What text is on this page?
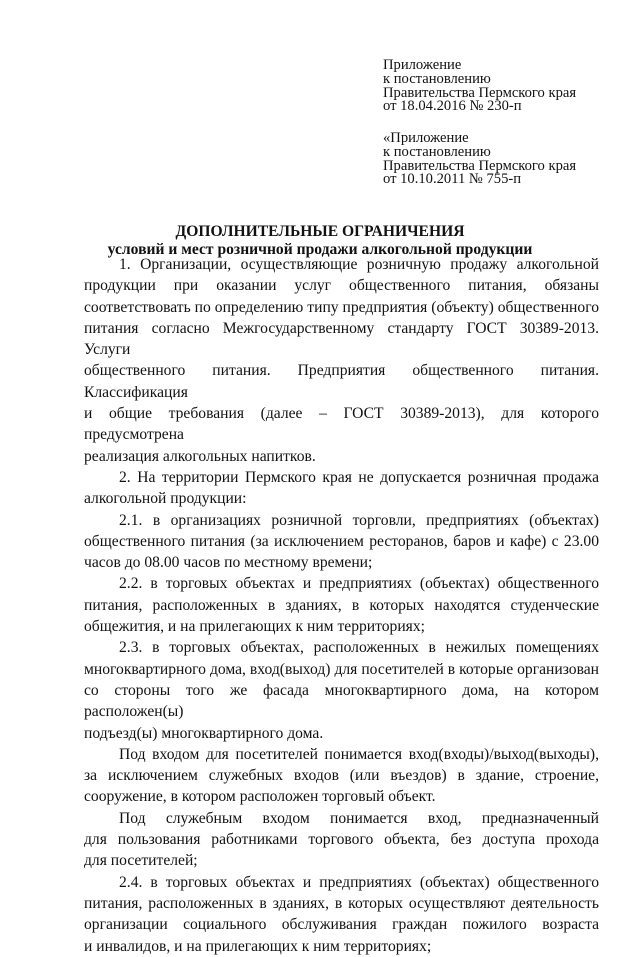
Приложение
к постановлению
Правительства Пермского края
от 18.04.2016 № 230-п
«Приложение
к постановлению
Правительства Пермского края
от 10.10.2011 № 755-п
ДОПОЛНИТЕЛЬНЫЕ ОГРАНИЧЕНИЯ
условий и мест розничной продажи алкогольной продукции

1. Организации, осуществляющие розничную продажу алкогольной
продукции при оказании услуг общественного питания, обязаны
соответствовать по определению типу предприятия (объекту) общественного
питания согласно Межгосударственному стандарту ГОСТ 30389-2013. Услуги
общественного питания. Предприятия общественного питания. Классификация
и общие требования (далее – ГОСТ 30389-2013), для которого предусмотрена
реализация алкогольных напитков.

2. На территории Пермского края не допускается розничная продажа
алкогольной продукции:

2.1. в организациях розничной торговли, предприятиях (объектах)
общественного питания (за исключением ресторанов, баров и кафе) с 23.00
часов до 08.00 часов по местному времени;

2.2. в торговых объектах и предприятиях (объектах) общественного
питания, расположенных в зданиях, в которых находятся студенческие
общежития, и на прилегающих к ним территориях;

2.3. в торговых объектах, расположенных в нежилых помещениях
многоквартирного дома, вход(выход) для посетителей в которые организован
со стороны того же фасада многоквартирного дома, на котором расположен(ы)
подъезд(ы) многоквартирного дома.

Под входом для посетителей понимается вход(входы)/выход(выходы),
за исключением служебных входов (или въездов) в здание, строение,
сооружение, в котором расположен торговый объект.

Под служебным входом понимается вход, предназначенный
для пользования работниками торгового объекта, без доступа прохода
для посетителей;

2.4. в торговых объектах и предприятиях (объектах) общественного
питания, расположенных в зданиях, в которых осуществляют деятельность
организации социального обслуживания граждан пожилого возраста
и инвалидов, и на прилегающих к ним территориях;
